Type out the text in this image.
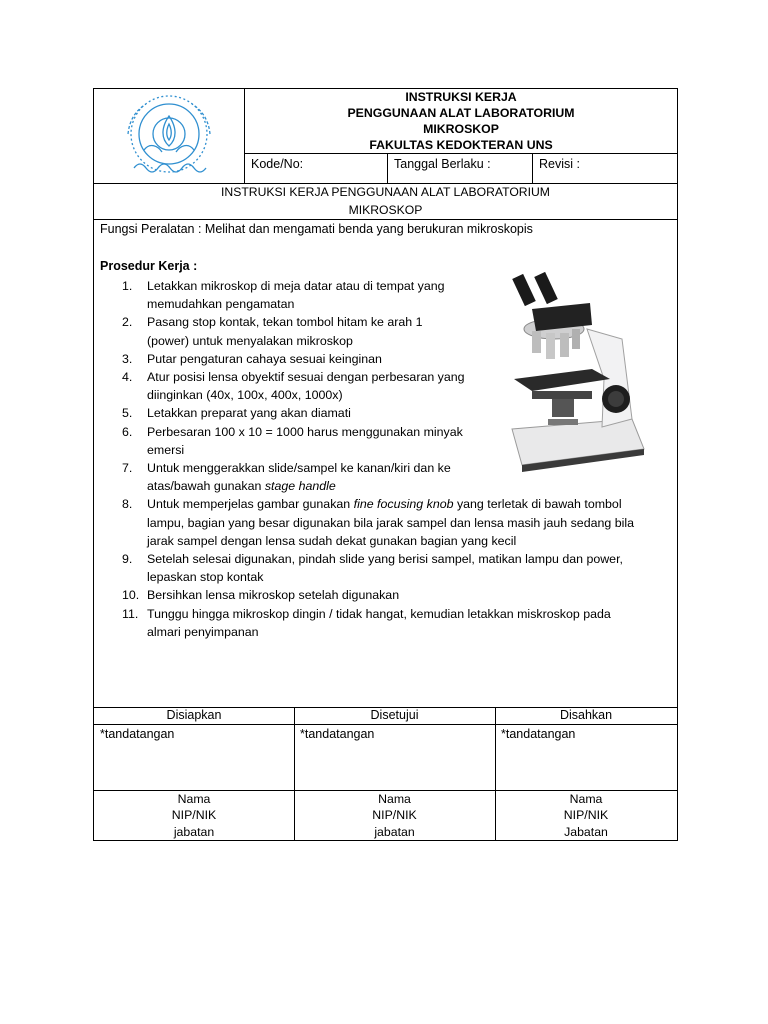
INSTRUKSI KERJA
PENGGUNAAN ALAT LABORATORIUM
MIKROSKOP
FAKULTAS KEDOKTERAN UNS
Kode/No:	Tanggal Berlaku :	Revisi :
INSTRUKSI KERJA PENGGUNAAN ALAT LABORATORIUM
MIKROSKOP
Fungsi Peralatan : Melihat dan mengamati benda yang berukuran mikroskopis
Prosedur Kerja :
1. Letakkan mikroskop di meja datar atau di tempat yang
memudahkan pengamatan
2. Pasang stop kontak, tekan tombol hitam ke arah 1
(power) untuk menyalakan mikroskop
3. Putar pengaturan cahaya sesuai keinginan
4. Atur posisi lensa obyektif sesuai dengan perbesaran yang
diinginkan (40x, 100x, 400x, 1000x)
5. Letakkan preparat yang akan diamati
6. Perbesaran 100 x 10 = 1000 harus menggunakan minyak
emersi
7. Untuk menggerakkan slide/sampel ke kanan/kiri dan ke
atas/bawah gunakan stage handle
8. Untuk memperjelas gambar gunakan fine focusing knob yang terletak di bawah tombol
lampu, bagian yang besar digunakan bila jarak sampel dan lensa masih jauh sedang bila
jarak sampel dengan lensa sudah dekat gunakan bagian yang kecil
9. Setelah selesai digunakan, pindah slide yang berisi sampel, matikan lampu dan power,
lepaskan stop kontak
10. Bersihkan lensa mikroskop setelah digunakan
11. Tunggu hingga mikroskop dingin / tidak hangat, kemudian letakkan miskroskop pada
almari penyimpanan
Disiapkan
*tandatangan
Nama
NIP/NIK
jabatan
Disetujui
*tandatangan
Nama
NIP/NIK
jabatan
Disahkan
*tandatangan
Nama
NIP/NIK
Jabatan
